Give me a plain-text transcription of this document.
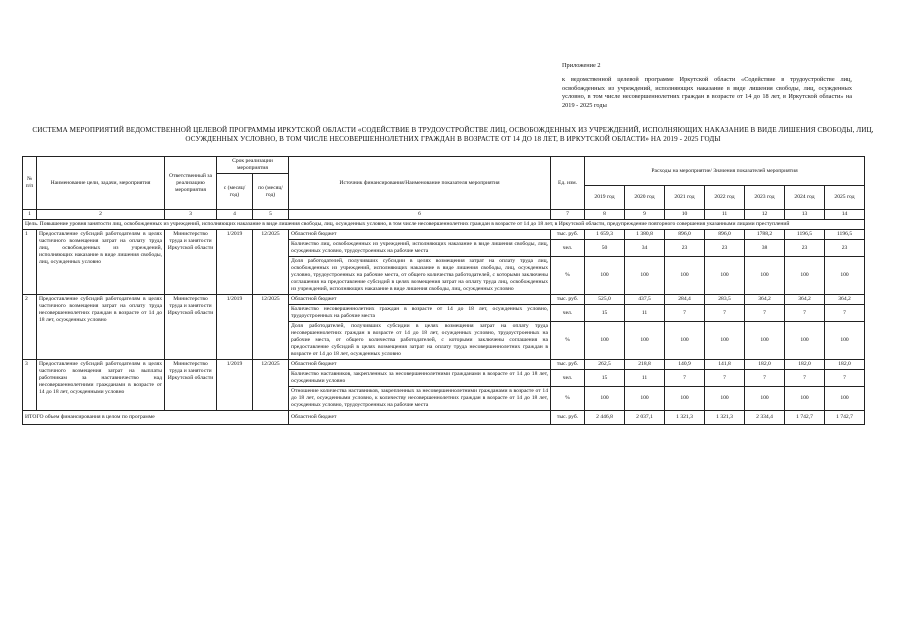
Приложение 2
к ведомственной целевой программе Иркутской области «Содействие в трудоустройстве лиц, освобожденных из учреждений, исполняющих наказание в виде лишения свободы, лиц, осужденных условно, в том числе несовершеннолетних граждан в возрасте от 14 до 18 лет, в Иркутской области» на 2019 - 2025 годы
СИСТЕМА МЕРОПРИЯТИЙ ВЕДОМСТВЕННОЙ ЦЕЛЕВОЙ ПРОГРАММЫ ИРКУТСКОЙ ОБЛАСТИ «СОДЕЙСТВИЕ В ТРУДОУСТРОЙСТВЕ ЛИЦ, ОСВОБОЖДЕННЫХ ИЗ УЧРЕЖДЕНИЙ, ИСПОЛНЯЮЩИХ НАКАЗАНИЕ В ВИДЕ ЛИШЕНИЯ СВОБОДЫ, ЛИЦ, ОСУЖДЕННЫХ УСЛОВНО, В ТОМ ЧИСЛЕ НЕСОВЕРШЕННОЛЕТНИХ ГРАЖДАН В ВОЗРАСТЕ ОТ 14 ДО 18 ЛЕТ, В ИРКУТСКОЙ ОБЛАСТИ» НА 2019 - 2025 ГОДЫ
№ п/п	Наименование цели, задачи, мероприятия	Ответственный за реализацию мероприятия	Срок реализации мероприятия		Источник финансирования/Наименование показателя мероприятия	Ед. изм.	Расходы на мероприятие/ Значения показателей мероприятия						
			с (месяц/ год)	по (месяц/ год)									
							2019 год	2020 год	2021 год	2022 год	2023 год	2024 год	2025 год
1	2	3	4	5	6	7	8	9	10	11	12	13	14
Цель. Повышение уровня занятости лиц, освобожденных из учреждений, исполняющих наказание в виде лишения свободы, лиц, осужденных условно, в том числе несовершеннолетних граждан в возрасте от 14 до 18 лет, в Иркутской области, предупреждение повторного совершения указанными лицами преступлений													
1	Предоставление субсидий работодателям в целях частичного возмещения затрат на оплату труда лиц, освобожденных из учреждений, исполняющих наказание в виде лишения свободы, лиц, осужденных условно	Министерство труда и занятости Иркутской области	1/2019	12/2025	Областной бюджет	тыс. руб.	1 659,3	1 380,8	896,0	896,0	1788,2	1196,5	1196,5
					Количество лиц, освобожденных из учреждений, исполняющих наказание в виде лишения свободы, лиц, осужденных условно, трудоустроенных на рабочие места	чел.	50	34	23	23	38	23	23
					Доля работодателей, получивших субсидии в целях возмещения затрат на оплату труда лиц, освобожденных из учреждений, исполняющих наказание в виде лишения свободы, лиц, осужденных условно, трудоустроенных на рабочие места, от общего количества работодателей, с которыми заключены соглашения на предоставление субсидий в целях возмещения затрат на оплату труда лиц, освобожденных из учреждений, исполняющих наказание в виде лишения свободы, лиц, осужденных условно	%	100	100	100	100	100	100	100
2	Предоставление субсидий работодателям в целях частичного возмещения затрат на оплату труда несовершеннолетних граждан в возрасте от 14 до 18 лет, осужденных условно	Министерство труда и занятости Иркутской области	1/2019	12/2025	Областной бюджет	тыс. руб.	525,0	437,5	284,4	283,5	364,2	364,2	364,2
					Количество несовершеннолетних граждан в возрасте от 14 до 18 лет, осужденных условно, трудоустроенных на рабочие места	чел.	15	11	7	7	7	7	7
					Доля работодателей, получивших субсидии в целях возмещения затрат на оплату труда несовершеннолетних граждан в возрасте от 14 до 18 лет, осужденных условно, трудоустроенных на рабочие места, от общего количества работодателей, с которыми заключены соглашения на предоставление субсидий в целях возмещения затрат на оплату труда несовершеннолетних граждан в возрасте от 14 до 18 лет, осужденных условно	%	100	100	100	100	100	100	100
3	Предоставление субсидий работодателям в целях частичного возмещения затрат на выплаты работникам за наставничество над несовершеннолетними гражданами в возрасте от 14 до 18 лет, осужденными условно	Министерство труда и занятости Иркутской области	1/2019	12/2025	Областной бюджет	тыс. руб.	262,5	218,8	140,9	141,8	182,0	182,0	182,0
					Количество наставников, закрепленных за несовершеннолетними гражданами в возрасте от 14 до 18 лет, осужденными условно	чел.	15	11	7	7	7	7	7
					Отношение количества наставников, закрепленных за несовершеннолетними гражданами в возрасте от 14 до 18 лет, осужденными условно, к количеству несовершеннолетних граждан в возрасте от 14 до 18 лет, осужденных условно, трудоустроенных на рабочие места	%	100	100	100	100	100	100	100
ИТОГО объем финансирования в целом по программе					Областной бюджет	тыс. руб.	2 446,8	2 037,1	1 321,3	1 321,3	2 334,4	1 742,7	1 742,7
